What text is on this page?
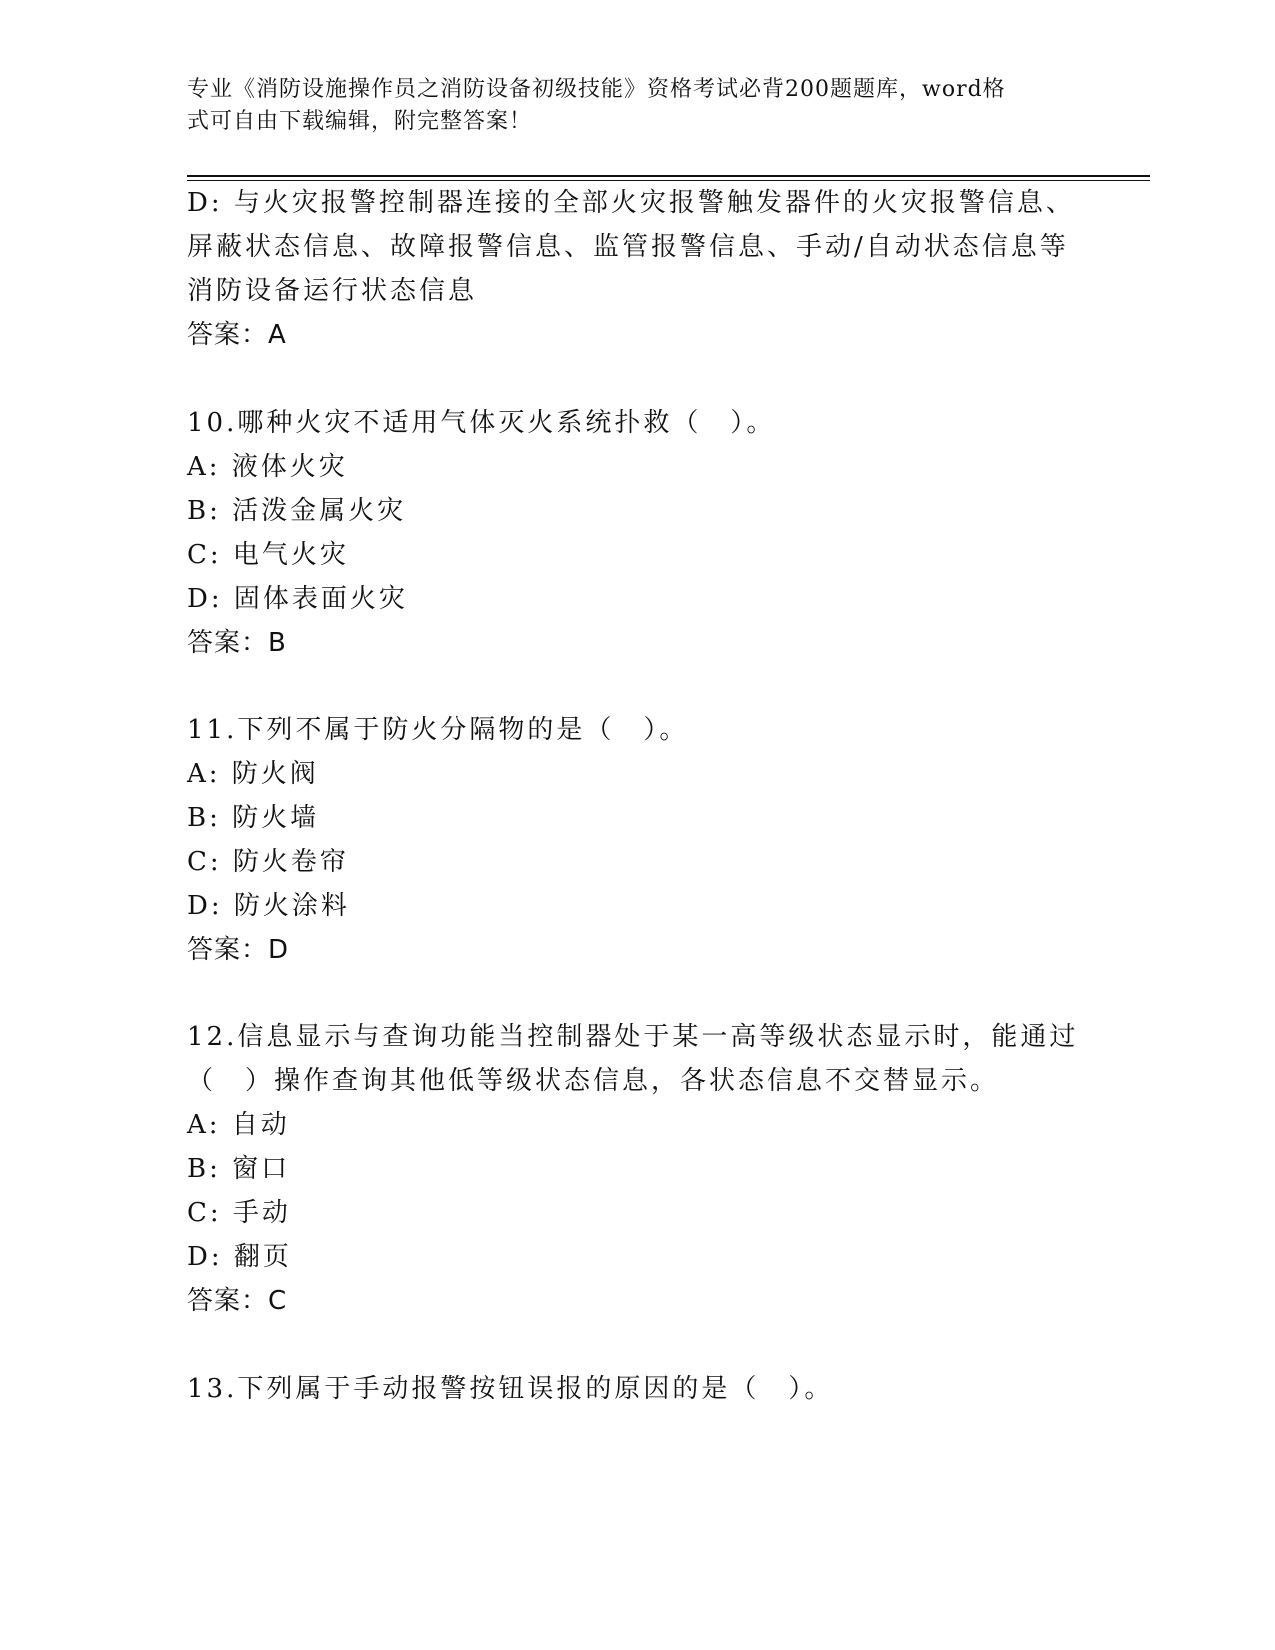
专业《消防设施操作员之消防设备初级技能》资格考试必背200题题库，word格
式可自由下载编辑，附完整答案！
D: 与火灾报警控制器连接的全部火灾报警触发器件的火灾报警信息、
屏蔽状态信息、故障报警信息、监管报警信息、手动/自动状态信息等
消防设备运行状态信息
答案：A
10.哪种火灾不适用气体灭火系统扑救（　）。
A: 液体火灾
B: 活泼金属火灾
C: 电气火灾
D: 固体表面火灾
答案：B
11.下列不属于防火分隔物的是（　）。
A: 防火阀
B: 防火墙
C: 防火卷帘
D: 防火涂料
答案：D
12.信息显示与查询功能当控制器处于某一高等级状态显示时，能通过
（　）操作查询其他低等级状态信息，各状态信息不交替显示。
A: 自动
B: 窗口
C: 手动
D: 翻页
答案：C
13.下列属于手动报警按钮误报的原因的是（　）。
